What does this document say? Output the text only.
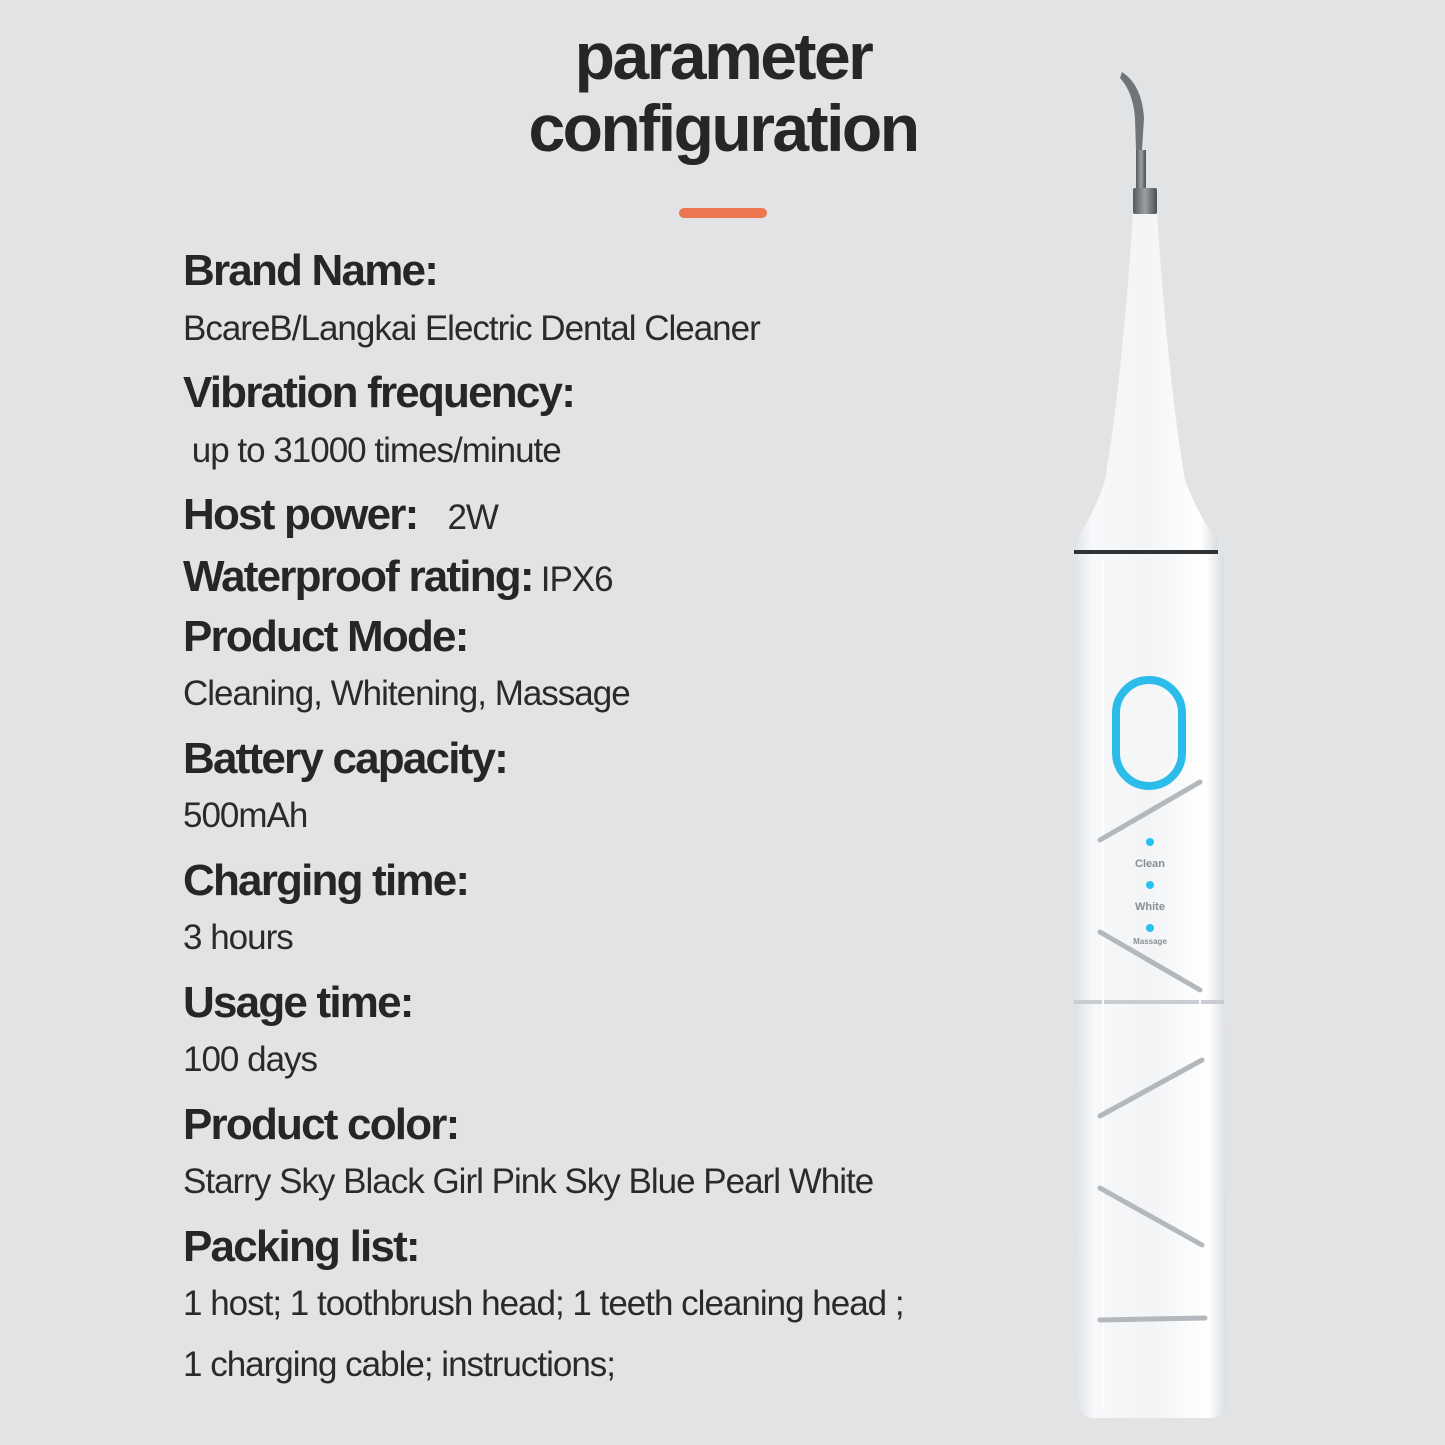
parameter
configuration
Brand Name:
BcareB/Langkai Electric Dental Cleaner
Vibration frequency:
up to 31000 times/minute
Host power: 2W
Waterproof rating: IPX6
Product Mode:
Cleaning, Whitening, Massage
Battery capacity:
500mAh
Charging time:
3 hours
Usage time:
100 days
Product color:
Starry Sky Black Girl Pink Sky Blue Pearl White
Packing list:
1 host; 1 toothbrush head; 1 teeth cleaning head ;
1 charging cable; instructions;
Clean
White
Massage
